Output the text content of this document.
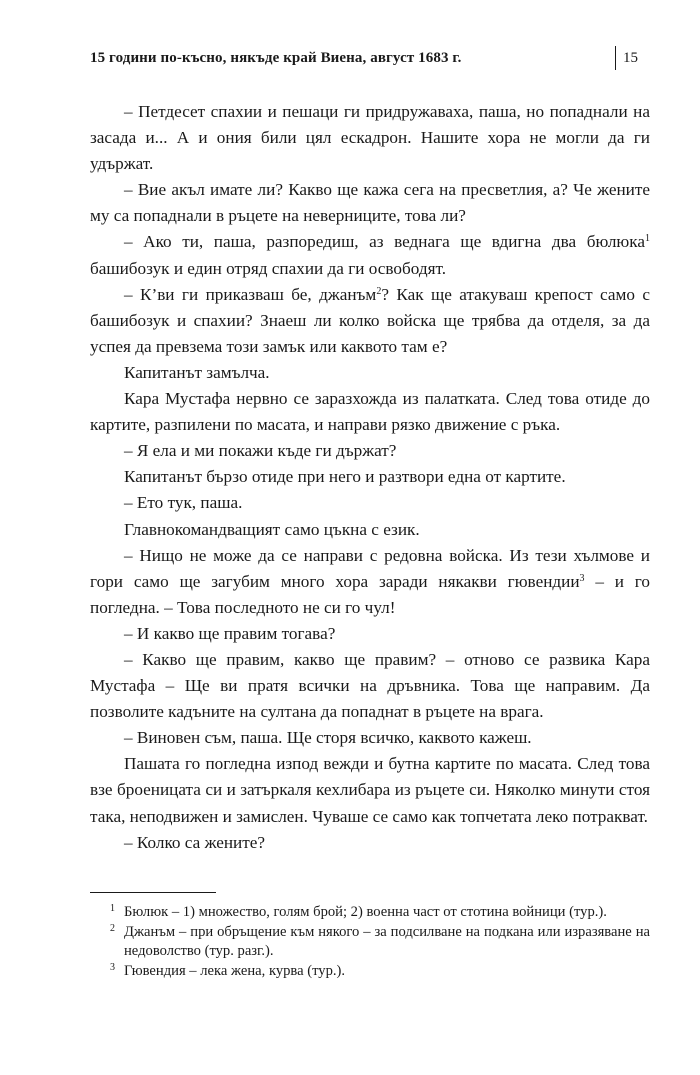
15 години по-късно, някъде край Виена, август 1683 г.	15

– Петдесет спахии и пешаци ги придружаваха, паша, но попаднали на засада и... А и ония били цял ескадрон. Нашите хора не могли да ги удържат.

– Вие акъл имате ли? Какво ще кажа сега на пресветлия, а? Че жените му са попаднали в ръцете на неверниците, това ли?

– Ако ти, паша, разпоредиш, аз веднага ще вдигна два бюлюка$^1$ башибозук и един отряд спахии да ги освободят.

– К’ви ги приказваш бе, джанъм$^2$? Как ще атакуваш крепост само с башибозук и спахии? Знаеш ли колко войска ще трябва да отделя, за да успея да превзема този замък или каквото там е?

Капитанът замълча.

Кара Мустафа нервно се заразхожда из палатката. След това отиде до картите, разпилени по масата, и направи рязко движение с ръка.

– Я ела и ми покажи къде ги държат?

Капитанът бързо отиде при него и разтвори една от картите.

– Ето тук, паша.

Главнокомандващият само цъкна с език.

– Нищо не може да се направи с редовна войска. Из тези хълмове и гори само ще загубим много хора заради някакви гювендии$^3$ – и го погледна. – Това последното не си го чул!

– И какво ще правим тогава?

– Какво ще правим, какво ще правим? – отново се развика Кара Мустафа – Ще ви пратя всички на дръвника. Това ще направим. Да позволите кадъните на султана да попаднат в ръцете на врага.

– Виновен съм, паша. Ще сторя всичко, каквото кажеш.

Пашата го погледна изпод вежди и бутна картите по масата. След това взе броеницата си и затъркаля кехлибара из ръцете си. Няколко минути стоя така, неподвижен и замислен. Чуваше се само как топчетата леко потракват.

– Колко са жените?

1 Бюлюк – 1) множество, голям брой; 2) военна част от стотина войници (тур.).

2 Джанъм – при обръщение към някого – за подсилване на подкана или изразяване на недоволство (тур. разг.).

3 Гювендия – лека жена, курва (тур.).
